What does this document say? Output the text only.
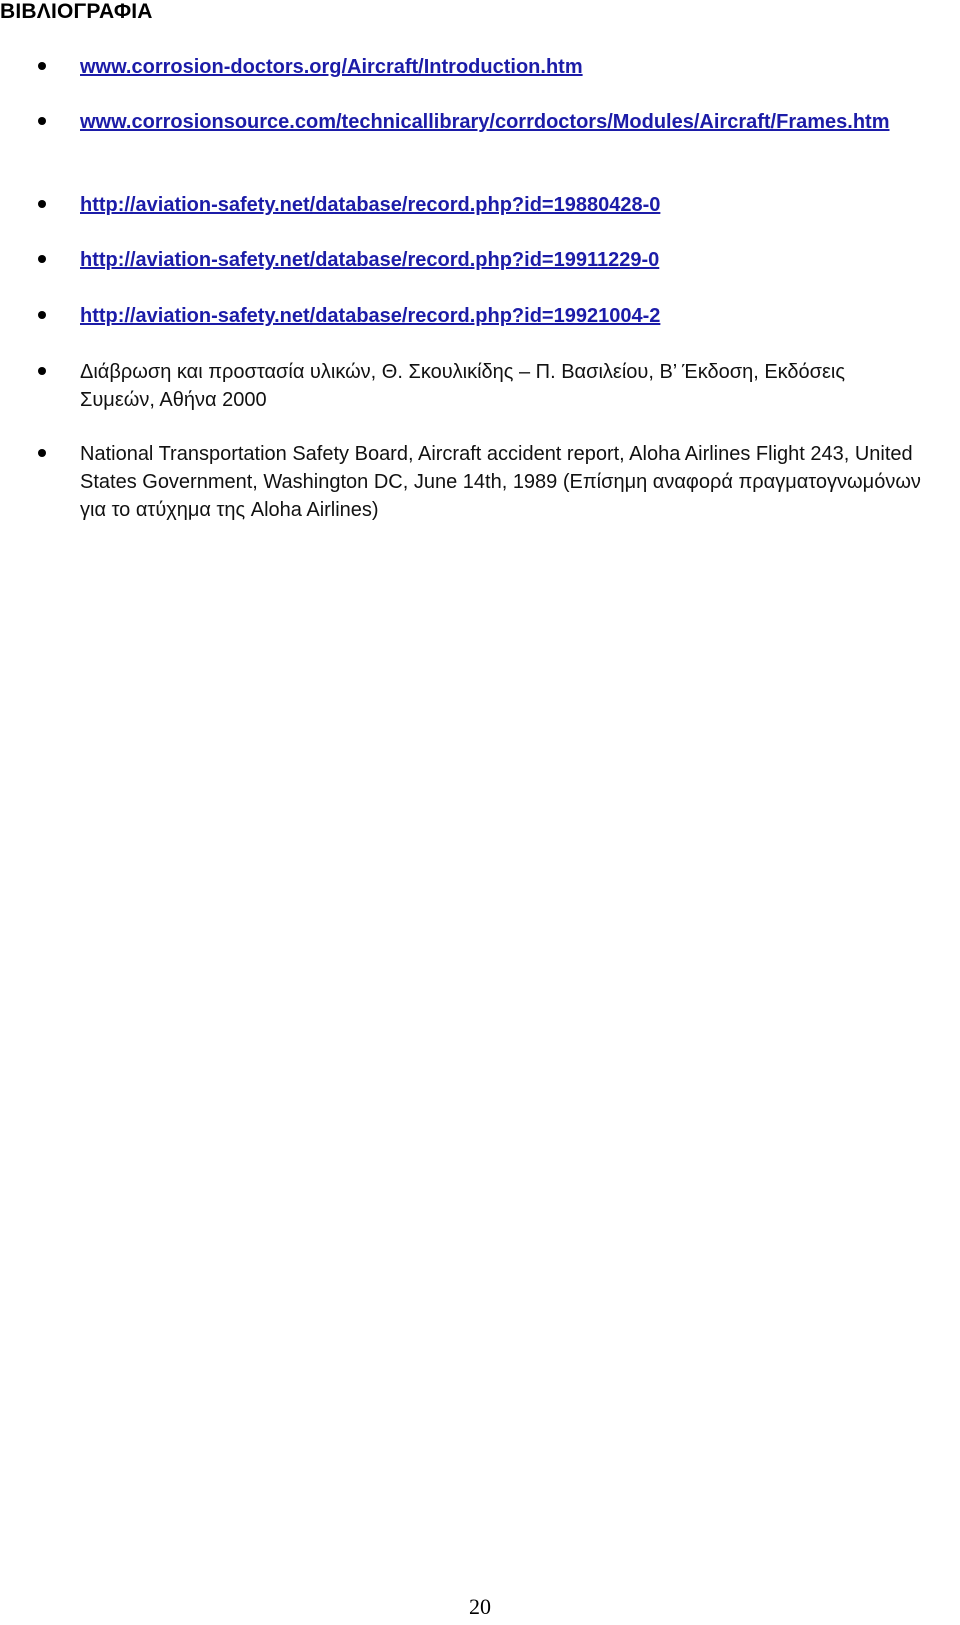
ΒΙΒΛΙΟΓΡΑΦΙΑ
www.corrosion-doctors.org/Aircraft/Introduction.htm
www.corrosionsource.com/technicallibrary/corrdoctors/Modules/Aircraft/Frames.htm
http://aviation-safety.net/database/record.php?id=19880428-0
http://aviation-safety.net/database/record.php?id=19911229-0
http://aviation-safety.net/database/record.php?id=19921004-2
Διάβρωση και προστασία υλικών, Θ. Σκουλικίδης – Π. Βασιλείου, Β’ Έκδοση, Εκδόσεις Συμεών, Αθήνα 2000
National Transportation Safety Board, Aircraft accident report, Aloha Airlines Flight 243, United States Government, Washington DC, June 14th, 1989 (Επίσημη αναφορά πραγματογνωμόνων για το ατύχημα της Aloha Airlines)
20
